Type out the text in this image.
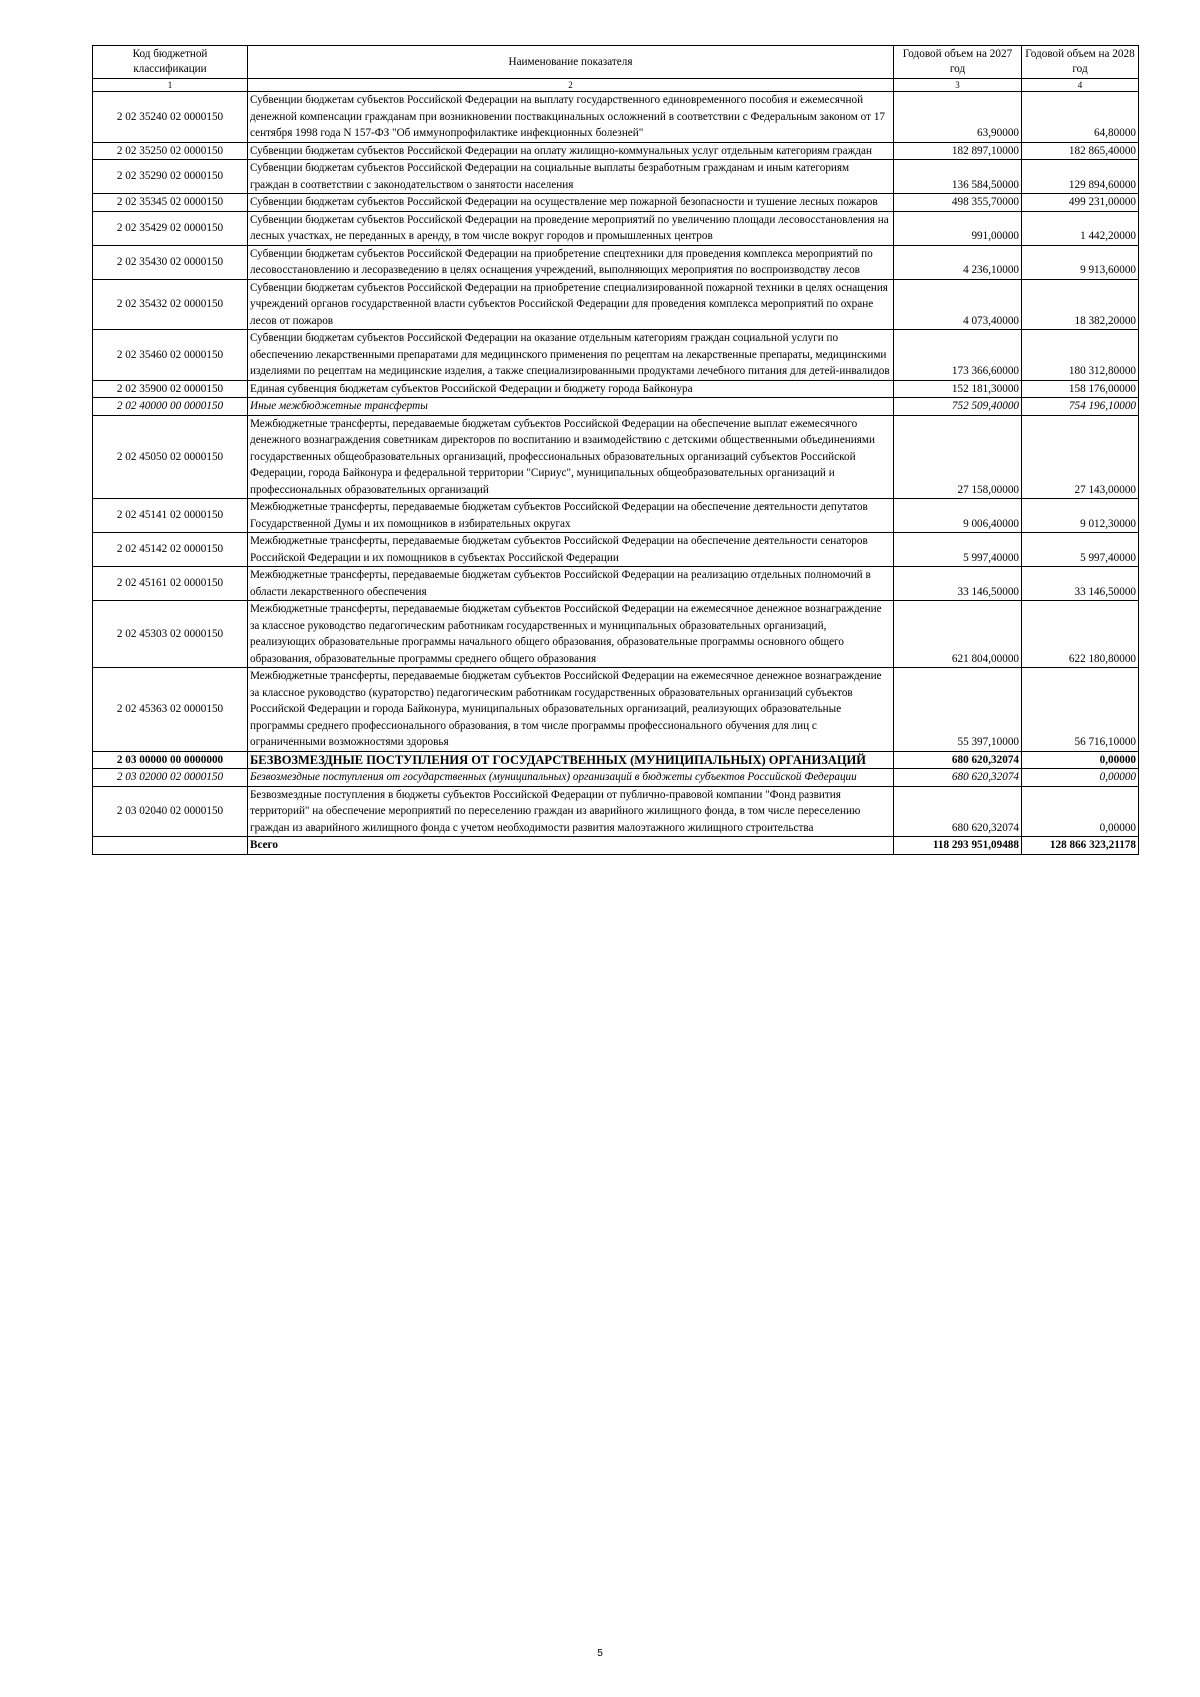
Код бюджетной классификации	Наименование показателя	Годовой объем на 2027 год	Годовой объем на 2028 год
1	2	3	4
2 02 35240 02 0000150	Субвенции бюджетам субъектов Российской Федерации на выплату государственного единовременного пособия и ежемесячной денежной компенсации гражданам при возникновении поствакцинальных осложнений в соответствии с Федеральным законом от 17 сентября 1998 года N 157-ФЗ "Об иммунопрофилактике инфекционных болезней"	63,90000	64,80000
2 02 35250 02 0000150	Субвенции бюджетам субъектов Российской Федерации на оплату жилищно-коммунальных услуг отдельным категориям граждан	182 897,10000	182 865,40000
2 02 35290 02 0000150	Субвенции бюджетам субъектов Российской Федерации на социальные выплаты безработным гражданам и иным категориям граждан в соответствии с законодательством о занятости населения	136 584,50000	129 894,60000
2 02 35345 02 0000150	Субвенции бюджетам субъектов Российской Федерации на осуществление мер пожарной безопасности и тушение лесных пожаров	498 355,70000	499 231,00000
2 02 35429 02 0000150	Субвенции бюджетам субъектов Российской Федерации на проведение мероприятий по увеличению площади лесовосстановления на лесных участках, не переданных в аренду, в том числе вокруг городов и промышленных центров	991,00000	1 442,20000
2 02 35430 02 0000150	Субвенции бюджетам субъектов Российской Федерации на приобретение спецтехники для проведения комплекса мероприятий по лесовосстановлению и лесоразведению в целях оснащения учреждений, выполняющих мероприятия по воспроизводству лесов	4 236,10000	9 913,60000
2 02 35432 02 0000150	Субвенции бюджетам субъектов Российской Федерации на приобретение специализированной пожарной техники в целях оснащения учреждений органов государственной власти субъектов Российской Федерации для проведения комплекса мероприятий по охране лесов от пожаров	4 073,40000	18 382,20000
2 02 35460 02 0000150	Субвенции бюджетам субъектов Российской Федерации на оказание отдельным категориям граждан социальной услуги по обеспечению лекарственными препаратами для медицинского применения по рецептам на лекарственные препараты, медицинскими изделиями по рецептам на медицинские изделия, а также специализированными продуктами лечебного питания для детей-инвалидов	173 366,60000	180 312,80000
2 02 35900 02 0000150	Единая субвенция бюджетам субъектов Российской Федерации и бюджету города Байконура	152 181,30000	158 176,00000
2 02 40000 00 0000150	Иные межбюджетные трансферты	752 509,40000	754 196,10000
2 02 45050 02 0000150	Межбюджетные трансферты, передаваемые бюджетам субъектов Российской Федерации на обеспечение выплат ежемесячного денежного вознаграждения советникам директоров по воспитанию и взаимодействию с детскими общественными объединениями государственных общеобразовательных организаций, профессиональных образовательных организаций субъектов Российской Федерации, города Байконура и федеральной территории "Сириус", муниципальных общеобразовательных организаций и профессиональных образовательных организаций	27 158,00000	27 143,00000
2 02 45141 02 0000150	Межбюджетные трансферты, передаваемые бюджетам субъектов Российской Федерации на обеспечение деятельности депутатов Государственной Думы и их помощников в избирательных округах	9 006,40000	9 012,30000
2 02 45142 02 0000150	Межбюджетные трансферты, передаваемые бюджетам субъектов Российской Федерации на обеспечение деятельности сенаторов Российской Федерации и их помощников в субъектах Российской Федерации	5 997,40000	5 997,40000
2 02 45161 02 0000150	Межбюджетные трансферты, передаваемые бюджетам субъектов Российской Федерации на реализацию отдельных полномочий в области лекарственного обеспечения	33 146,50000	33 146,50000
2 02 45303 02 0000150	Межбюджетные трансферты, передаваемые бюджетам субъектов Российской Федерации на ежемесячное денежное вознаграждение за классное руководство педагогическим работникам государственных и муниципальных образовательных организаций, реализующих образовательные программы начального общего образования, образовательные программы основного общего образования, образовательные программы среднего общего образования	621 804,00000	622 180,80000
2 02 45363 02 0000150	Межбюджетные трансферты, передаваемые бюджетам субъектов Российской Федерации на ежемесячное денежное вознаграждение за классное руководство (кураторство) педагогическим работникам государственных образовательных организаций субъектов Российской Федерации и города Байконура, муниципальных образовательных организаций, реализующих образовательные программы среднего профессионального образования, в том числе программы профессионального обучения для лиц с ограниченными возможностями здоровья	55 397,10000	56 716,10000
2 03 00000 00 0000000	БЕЗВОЗМЕЗДНЫЕ ПОСТУПЛЕНИЯ ОТ ГОСУДАРСТВЕННЫХ (МУНИЦИПАЛЬНЫХ) ОРГАНИЗАЦИЙ	680 620,32074	0,00000
2 03 02000 02 0000150	Безвозмездные поступления от государственных (муниципальных) организаций в бюджеты субъектов Российской Федерации	680 620,32074	0,00000
2 03 02040 02 0000150	Безвозмездные поступления в бюджеты субъектов Российской Федерации от публично-правовой компании "Фонд развития территорий" на обеспечение мероприятий по переселению граждан из аварийного жилищного фонда, в том числе переселению граждан из аварийного жилищного фонда с учетом необходимости развития малоэтажного жилищного строительства	680 620,32074	0,00000
	Всего	118 293 951,09488	128 866 323,21178
5
